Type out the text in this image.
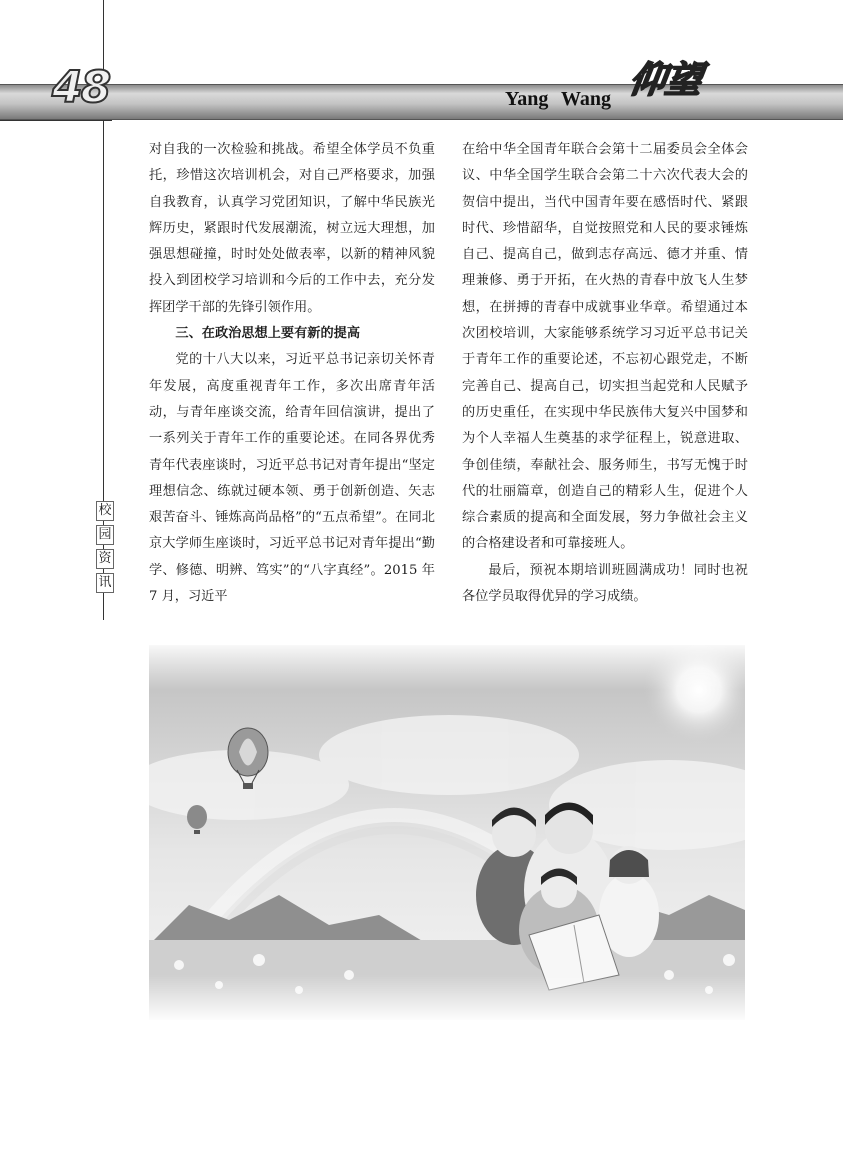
48	仰望
Yang Wang

对自我的一次检验和挑战。希望全体学员不负重托，珍惜这次培训机会，对自己严格要求，加强自我教育，认真学习党团知识，了解中华民族光辉历史，紧跟时代发展潮流，树立远大理想，加强思想碰撞，时时处处做表率，以新的精神风貌投入到团校学习培训和今后的工作中去，充分发挥团学干部的先锋引领作用。

三、在政治思想上要有新的提高

党的十八大以来，习近平总书记亲切关怀青年发展，高度重视青年工作，多次出席青年活动，与青年座谈交流，给青年回信演讲，提出了一系列关于青年工作的重要论述。在同各界优秀青年代表座谈时，习近平总书记对青年提出“坚定理想信念、练就过硬本领、勇于创新创造、矢志艰苦奋斗、锤炼高尚品格”的“五点希望”。在同北京大学师生座谈时，习近平总书记对青年提出“勤学、修德、明辨、笃实”的“八字真经”。2015 年 7 月，习近平

在给中华全国青年联合会第十二届委员会全体会议、中华全国学生联合会第二十六次代表大会的贺信中提出，当代中国青年要在感悟时代、紧跟时代、珍惜韶华，自觉按照党和人民的要求锤炼自己、提高自己，做到志存高远、德才并重、情理兼修、勇于开拓，在火热的青春中放飞人生梦想，在拼搏的青春中成就事业华章。希望通过本次团校培训，大家能够系统学习习近平总书记关于青年工作的重要论述，不忘初心跟党走，不断完善自己、提高自己，切实担当起党和人民赋予的历史重任，在实现中华民族伟大复兴中国梦和为个人幸福人生奠基的求学征程上，锐意进取、争创佳绩，奉献社会、服务师生，书写无愧于时代的壮丽篇章，创造自己的精彩人生，促进个人综合素质的提高和全面发展，努力争做社会主义的合格建设者和可靠接班人。

最后，预祝本期培训班圆满成功！同时也祝各位学员取得优异的学习成绩。

校
园
资
讯
